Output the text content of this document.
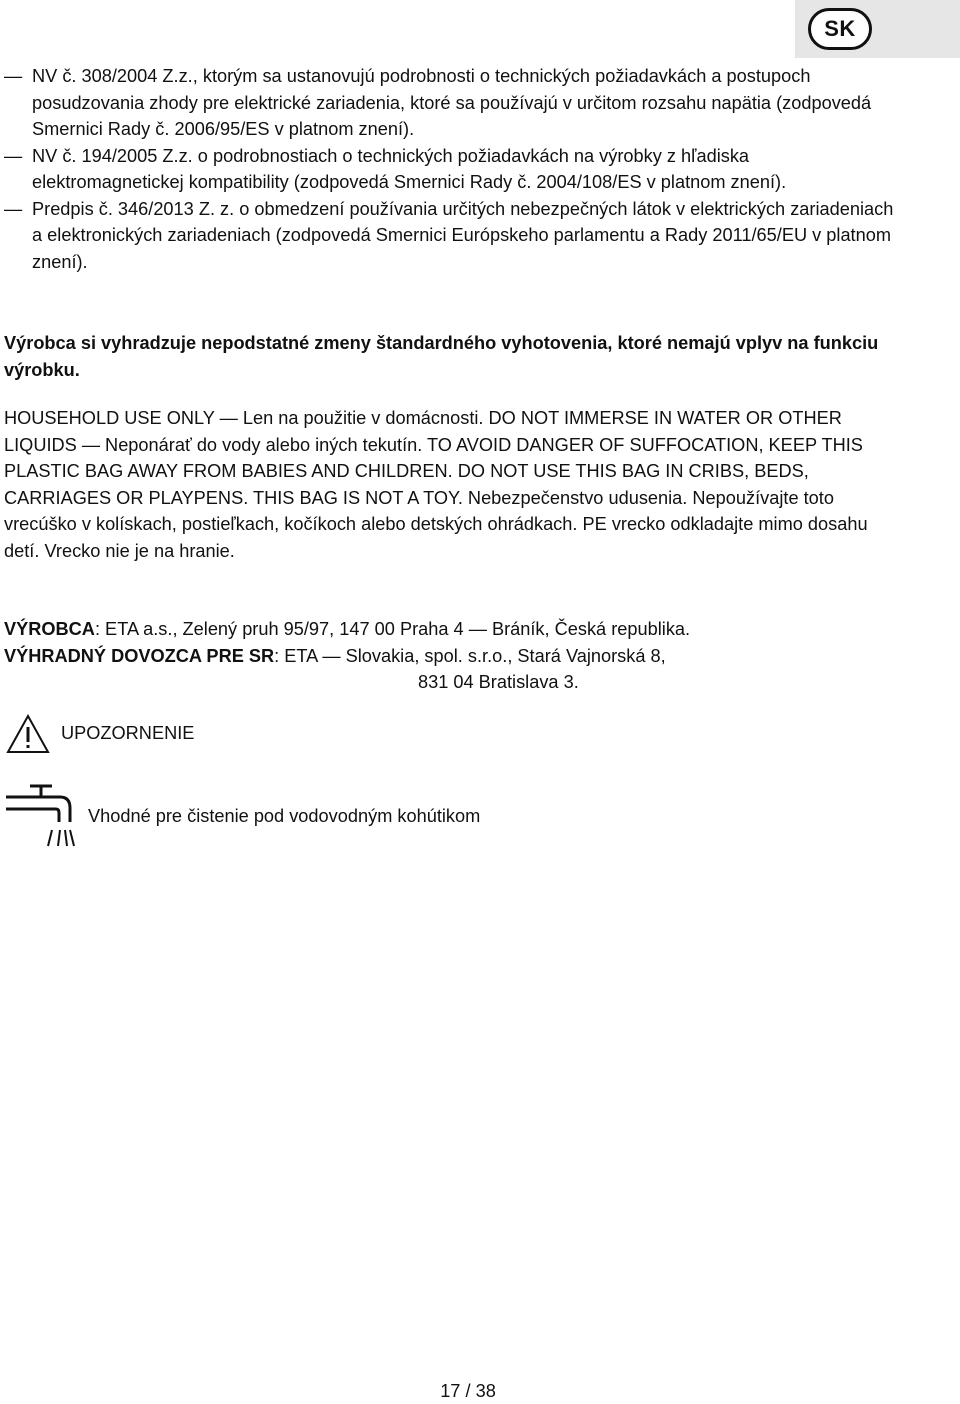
SK
— NV č. 308/2004 Z.z., ktorým sa ustanovujú podrobnosti o technických požiadavkách a postupoch posudzovania zhody pre elektrické zariadenia, ktoré sa používajú v určitom rozsahu napätia (zodpovedá Smernici Rady č. 2006/95/ES v platnom znení).
— NV č. 194/2005 Z.z. o podrobnostiach o technických požiadavkách na výrobky z hľadiska elektromagnetickej kompatibility (zodpovedá Smernici Rady č. 2004/108/ES v platnom znení).
— Predpis č. 346/2013 Z. z. o obmedzení používania určitých nebezpečných látok v elektrických zariadeniach a elektronických zariadeniach (zodpovedá Smernici Európskeho parlamentu a Rady 2011/65/EU v platnom znení).
Výrobca si vyhradzuje nepodstatné zmeny štandardného vyhotovenia, ktoré nemajú vplyv na funkciu výrobku.
HOUSEHOLD USE ONLY — Len na použitie v domácnosti. DO NOT IMMERSE IN WATER OR OTHER LIQUIDS — Neponárať do vody alebo iných tekutín. TO AVOID DANGER OF SUFFOCATION, KEEP THIS PLASTIC BAG AWAY FROM BABIES AND CHILDREN. DO NOT USE THIS BAG IN CRIBS, BEDS, CARRIAGES OR PLAYPENS. THIS BAG IS NOT A TOY. Nebezpečenstvo udusenia. Nepoužívajte toto vrecúško v kolískach, postieľkach, kočíkoch alebo detských ohrádkach. PE vrecko odkladajte mimo dosahu detí. Vrecko nie je na hranie.
VÝROBCA: ETA a.s., Zelený pruh 95/97, 147 00 Praha 4 — Bráník, Česká republika.
VÝHRADNÝ DOVOZCA PRE SR: ETA — Slovakia, spol. s.r.o., Stará Vajnorská 8,
831 04 Bratislava 3.
UPOZORNENIE
Vhodné pre čistenie pod vodovodným kohútikom
17 / 38
